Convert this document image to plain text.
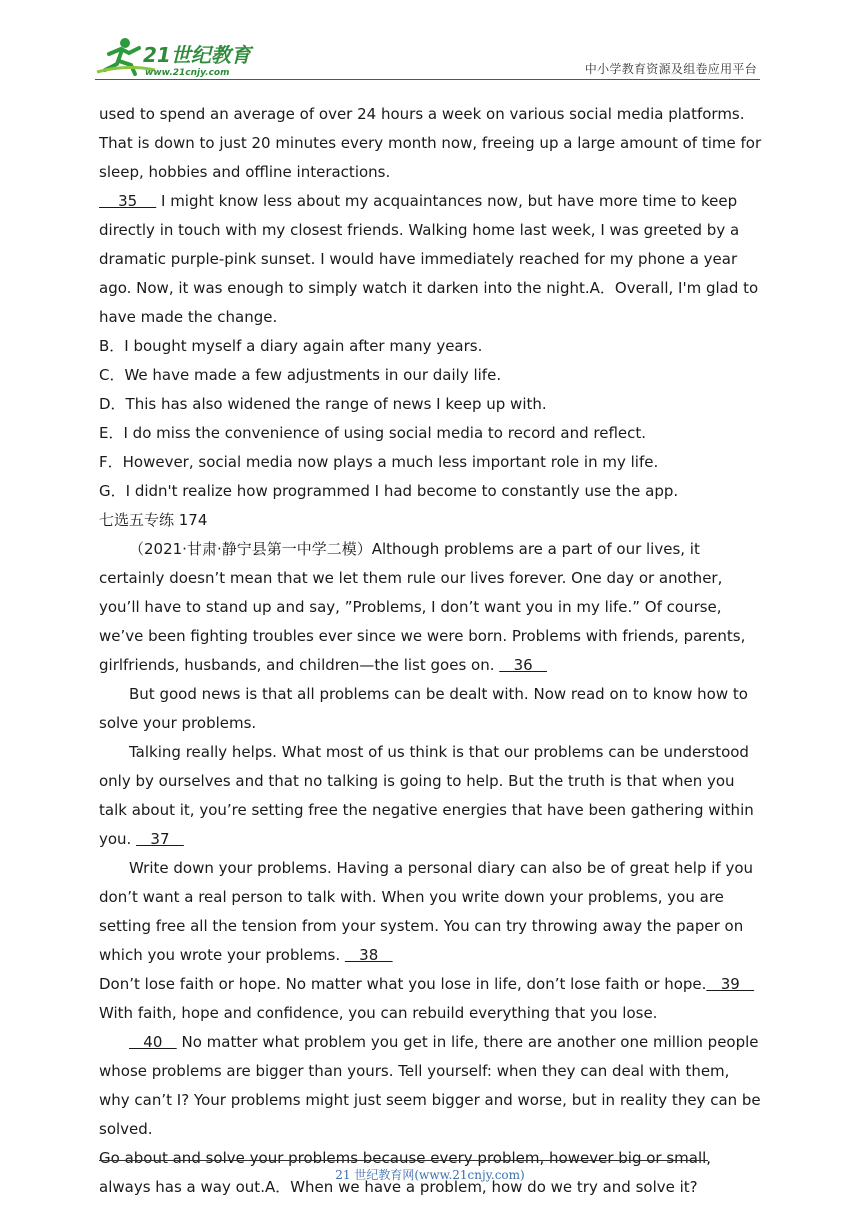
21世纪教育
www.21cnjy.com	中小学教育资源及组卷应用平台

used to spend an average of over 24 hours a week on various social media platforms. That is down to just 20 minutes every month now, freeing up a large amount of time for sleep, hobbies and offline interactions.

35     I might know less about my acquaintances now, but have more time to keep directly in touch with my closest friends. Walking home last week, I was greeted by a dramatic purple-pink sunset. I would have immediately reached for my phone a year ago. Now, it was enough to simply watch it darken into the night.A．Overall, I'm glad to have made the change.

B．I bought myself a diary again after many years.

C．We have made a few adjustments in our daily life.

D．This has also widened the range of news I keep up with.

E．I do miss the convenience of using social media to record and reflect.

F．However, social media now plays a much less important role in my life.

G．I didn't realize how programmed I had become to constantly use the app.

七选五专练 174

（2021·甘肃·静宁县第一中学二模）Although problems are a part of our lives, it certainly doesn’t mean that we let them rule our lives forever. One day or another, you’ll have to stand up and say, ”Problems, I don’t want you in my life.” Of course, we’ve been fighting troubles ever since we were born. Problems with friends, parents, girlfriends, husbands, and children—the list goes on.    36

But good news is that all problems can be dealt with. Now read on to know how to solve your problems.

Talking really helps. What most of us think is that our problems can be understood only by ourselves and that no talking is going to help. But the truth is that when you talk about it, you’re setting free the negative energies that have been gathering within you.    37

Write down your problems. Having a personal diary can also be of great help if you don’t want a real person to talk with. When you write down your problems, you are setting free all the tension from your system. You can try throwing away the paper on which you wrote your problems.    38

Don’t lose faith or hope. No matter what you lose in life, don’t lose faith or hope.   39

With faith, hope and confidence, you can rebuild everything that you lose.

40    No matter what problem you get in life, there are another one million people whose problems are bigger than yours. Tell yourself: when they can deal with them, why can’t I? Your problems might just seem bigger and worse, but in reality they can be solved.

Go about and solve your problems because every problem, however big or small, always has a way out.A．When we have a problem, how do we try and solve it?

21 世纪教育网(www.21cnjy.com)
